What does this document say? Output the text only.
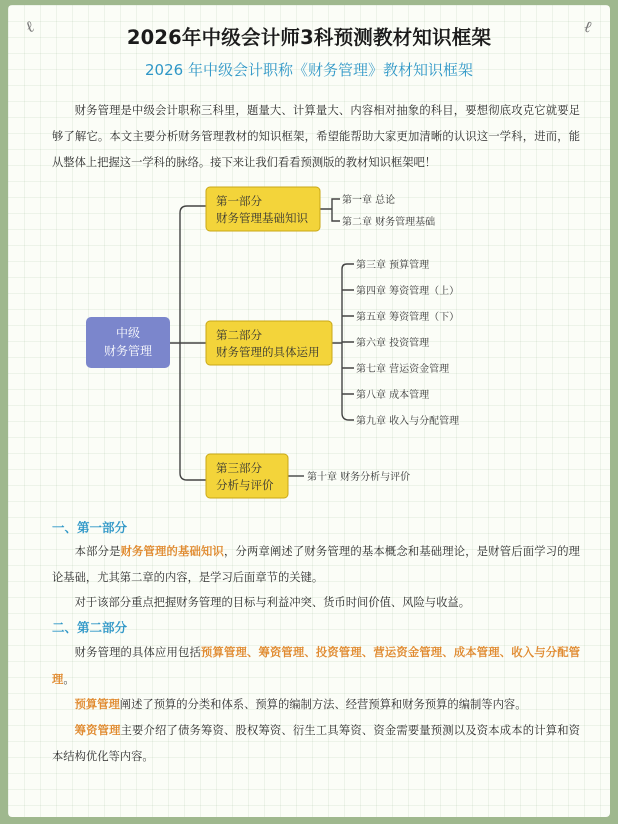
ℓ	ℓ
2026年中级会计师3科预测教材知识框架
2026 年中级会计职称《财务管理》教材知识框架
财务管理是中级会计职称三科里，题量大、计算量大、内容相对抽象的科目，要想彻底攻克它就要足够了解它。本文主要分析财务管理教材的知识框架，希望能帮助大家更加清晰的认识这一学科，进而，能从整体上把握这一学科的脉络。接下来让我们看看预测版的教材知识框架吧！
中级
财务管理
第一部分
财务管理基础知识
第一章 总论
第二章 财务管理基础
第二部分
财务管理的具体运用
第三章 预算管理
第四章 筹资管理（上）
第五章 筹资管理（下）
第六章 投资管理
第七章 营运资金管理
第八章 成本管理
第九章 收入与分配管理
第三部分
分析与评价
第十章 财务分析与评价
一、第一部分
本部分是财务管理的基础知识，分两章阐述了财务管理的基本概念和基础理论，是财管后面学习的理论基础，尤其第二章的内容，是学习后面章节的关键。
对于该部分重点把握财务管理的目标与利益冲突、货币时间价值、风险与收益。
二、第二部分
财务管理的具体应用包括预算管理、筹资管理、投资管理、营运资金管理、成本管理、收入与分配管理。
预算管理阐述了预算的分类和体系、预算的编制方法、经营预算和财务预算的编制等内容。
筹资管理主要介绍了债务筹资、股权筹资、衍生工具筹资、资金需要量预测以及资本成本的计算和资本结构优化等内容。
